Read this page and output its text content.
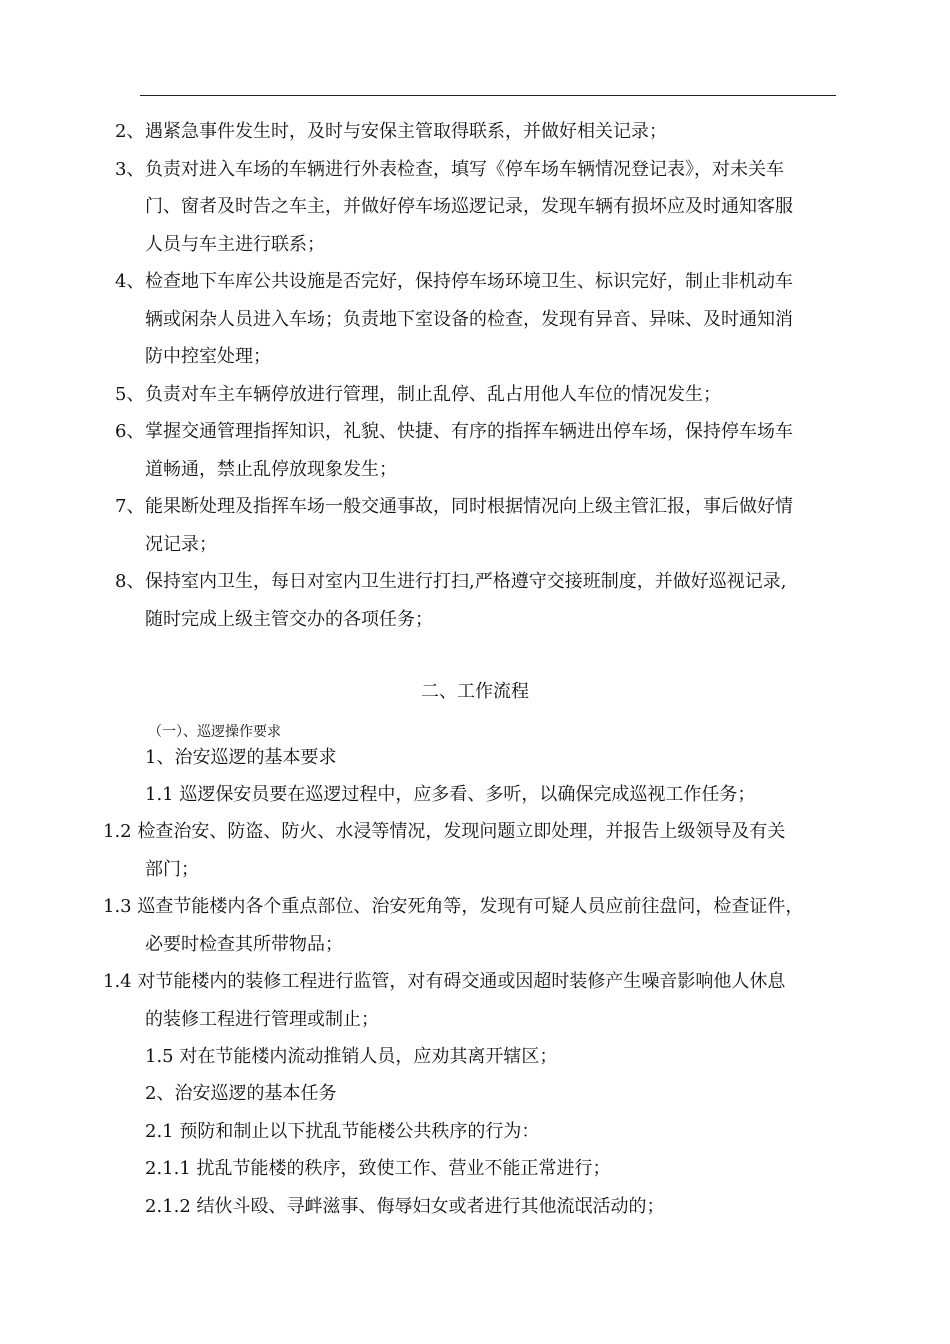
2、 遇紧急事件发生时，及时与安保主管取得联系，并做好相关记录；
3、 负责对进入车场的车辆进行外表检查，填写《停车场车辆情况登记表》，对未关车
门、窗者及时告之车主，并做好停车场巡逻记录，发现车辆有损坏应及时通知客服
人员与车主进行联系；
4、 检查地下车库公共设施是否完好，保持停车场环境卫生、标识完好，制止非机动车
辆或闲杂人员进入车场；负责地下室设备的检查，发现有异音、异味、及时通知消
防中控室处理；
5、 负责对车主车辆停放进行管理，制止乱停、乱占用他人车位的情况发生；
6、 掌握交通管理指挥知识，礼貌、快捷、有序的指挥车辆进出停车场，保持停车场车
道畅通，禁止乱停放现象发生；
7、 能果断处理及指挥车场一般交通事故，同时根据情况向上级主管汇报，事后做好情
况记录；
8、 保持室内卫生，每日对室内卫生进行打扫,严格遵守交接班制度，并做好巡视记录,
随时完成上级主管交办的各项任务；
二、工作流程
（一）、巡逻操作要求
1、治安巡逻的基本要求
1.1 巡逻保安员要在巡逻过程中，应多看、多听，以确保完成巡视工作任务；
1.2 检查治安、防盗、防火、水浸等情况，发现问题立即处理，并报告上级领导及有关
部门；
1.3 巡查节能楼内各个重点部位、治安死角等，发现有可疑人员应前往盘问，检查证件，
必要时检查其所带物品；
1.4 对节能楼内的装修工程进行监管，对有碍交通或因超时装修产生噪音影响他人休息
的装修工程进行管理或制止；
1.5 对在节能楼内流动推销人员，应劝其离开辖区；
2、治安巡逻的基本任务
2.1 预防和制止以下扰乱节能楼公共秩序的行为：
2.1.1 扰乱节能楼的秩序，致使工作、营业不能正常进行；
2.1.2 结伙斗殴、寻衅滋事、侮辱妇女或者进行其他流氓活动的；
